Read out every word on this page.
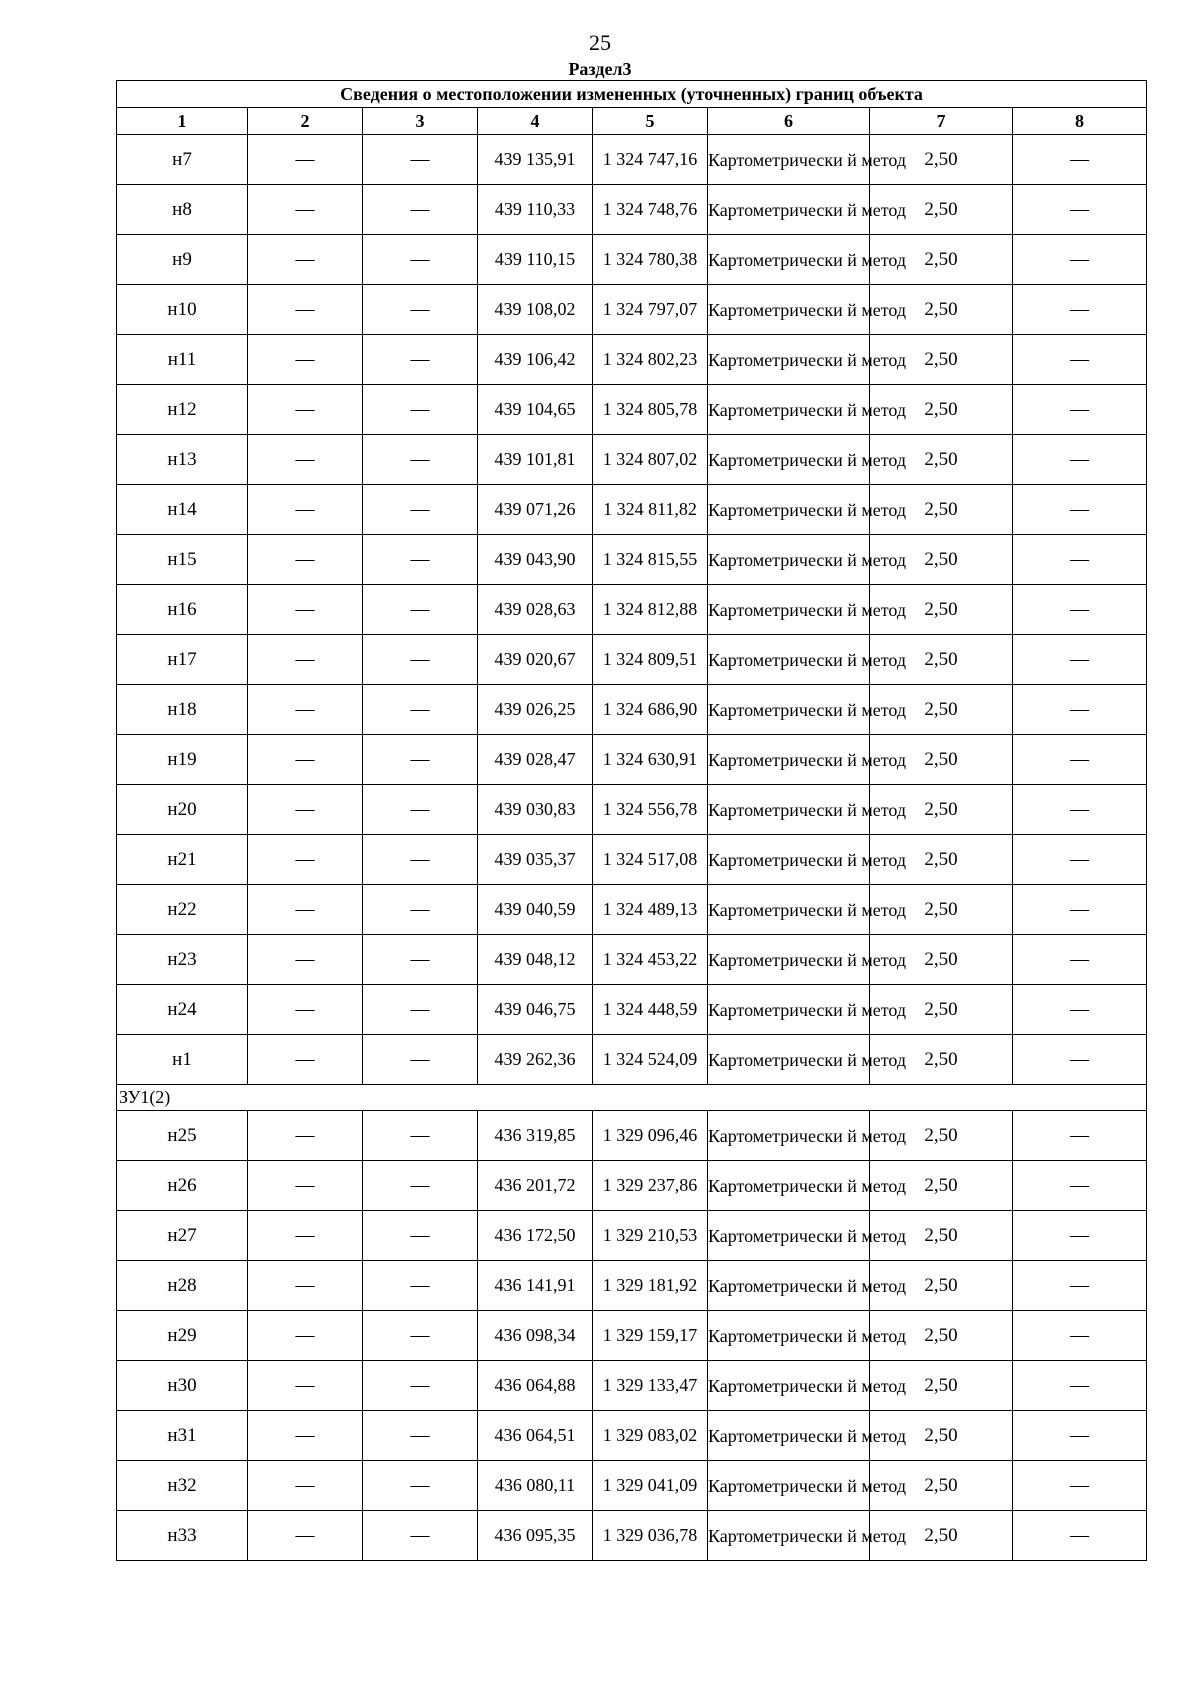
25
Раздел3
Сведения о местоположении измененных (уточненных) границ объекта							
1	2	3	4	5	6	7	8
н7	—	—	439 135,91	1 324 747,16	Картометрически й метод	2,50	—
н8	—	—	439 110,33	1 324 748,76	Картометрически й метод	2,50	—
н9	—	—	439 110,15	1 324 780,38	Картометрически й метод	2,50	—
н10	—	—	439 108,02	1 324 797,07	Картометрически й метод	2,50	—
н11	—	—	439 106,42	1 324 802,23	Картометрически й метод	2,50	—
н12	—	—	439 104,65	1 324 805,78	Картометрически й метод	2,50	—
н13	—	—	439 101,81	1 324 807,02	Картометрически й метод	2,50	—
н14	—	—	439 071,26	1 324 811,82	Картометрически й метод	2,50	—
н15	—	—	439 043,90	1 324 815,55	Картометрически й метод	2,50	—
н16	—	—	439 028,63	1 324 812,88	Картометрически й метод	2,50	—
н17	—	—	439 020,67	1 324 809,51	Картометрически й метод	2,50	—
н18	—	—	439 026,25	1 324 686,90	Картометрически й метод	2,50	—
н19	—	—	439 028,47	1 324 630,91	Картометрически й метод	2,50	—
н20	—	—	439 030,83	1 324 556,78	Картометрически й метод	2,50	—
н21	—	—	439 035,37	1 324 517,08	Картометрически й метод	2,50	—
н22	—	—	439 040,59	1 324 489,13	Картометрически й метод	2,50	—
н23	—	—	439 048,12	1 324 453,22	Картометрически й метод	2,50	—
н24	—	—	439 046,75	1 324 448,59	Картометрически й метод	2,50	—
н1	—	—	439 262,36	1 324 524,09	Картометрически й метод	2,50	—
ЗУ1(2)							
н25	—	—	436 319,85	1 329 096,46	Картометрически й метод	2,50	—
н26	—	—	436 201,72	1 329 237,86	Картометрически й метод	2,50	—
н27	—	—	436 172,50	1 329 210,53	Картометрически й метод	2,50	—
н28	—	—	436 141,91	1 329 181,92	Картометрически й метод	2,50	—
н29	—	—	436 098,34	1 329 159,17	Картометрически й метод	2,50	—
н30	—	—	436 064,88	1 329 133,47	Картометрически й метод	2,50	—
н31	—	—	436 064,51	1 329 083,02	Картометрически й метод	2,50	—
н32	—	—	436 080,11	1 329 041,09	Картометрически й метод	2,50	—
н33	—	—	436 095,35	1 329 036,78	Картометрически й метод	2,50	—
